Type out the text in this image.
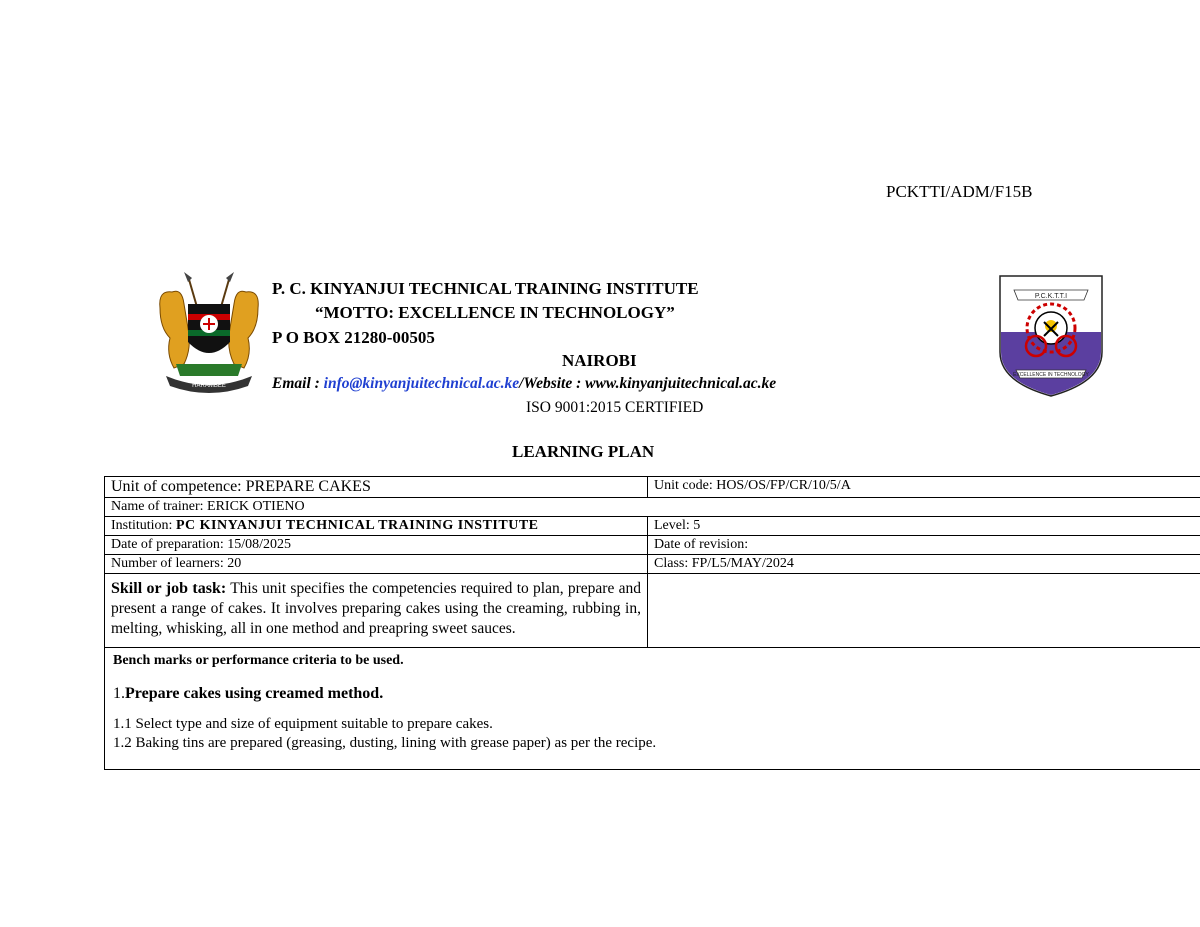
PCKTTI/ADM/F15B
HARAMBEE
P. C. KINYANJUI TECHNICAL TRAINING INSTITUTE
“MOTTO: EXCELLENCE IN TECHNOLOGY”
P O BOX 21280-00505
NAIROBI
Email : info@kinyanjuitechnical.ac.ke/Website : www.kinyanjuitechnical.ac.ke
ISO 9001:2015 CERTIFIED
LEARNING PLAN
P.C.K.T.T.I
EXCELLENCE IN TECHNOLOGY
Unit of competence: PREPARE CAKES	Unit code: HOS/OS/FP/CR/10/5/A
Name of trainer: ERICK OTIENO	
Institution: PC KINYANJUI TECHNICAL TRAINING INSTITUTE	Level: 5
Date of preparation: 15/08/2025	Date of revision:
Number of learners: 20	Class: FP/L5/MAY/2024
Skill or job task: This unit specifies the competencies required to plan, prepare and present a range of cakes. It involves preparing cakes using the creaming, rubbing in, melting, whisking, all in one method and preapring sweet sauces.	

Bench marks or performance criteria to be used.
1.Prepare cakes using creamed method.
1.1 Select type and size of equipment suitable to prepare cakes.
1.2 Baking tins are prepared (greasing, dusting, lining with grease paper) as per the recipe.	
